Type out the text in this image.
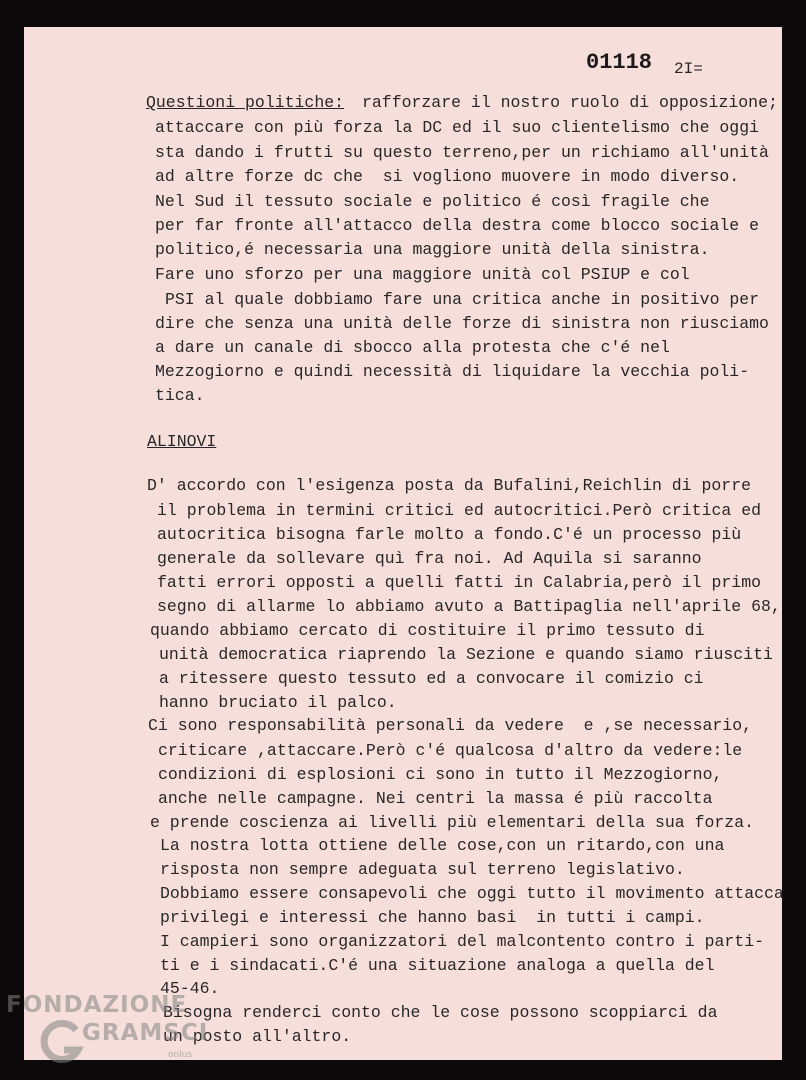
01118 2I=
Questioni politiche: rafforzare il nostro ruolo di opposizione;
attaccare con più forza la DC ed il suo clientelismo che oggi
sta dando i frutti su questo terreno,per un richiamo all'unità
ad altre forze dc che  si vogliono muovere in modo diverso.
Nel Sud il tessuto sociale e politico é così fragile che
per far fronte all'attacco della destra come blocco sociale e
politico,é necessaria una maggiore unità della sinistra.
Fare uno sforzo per una maggiore unità col PSIUP e col
PSI al quale dobbiamo fare una critica anche in positivo per
dire che senza una unità delle forze di sinistra non riusciamo
a dare un canale di sbocco alla protesta che c'é nel
Mezzogiorno e quindi necessità di liquidare la vecchia poli-
tica.
ALINOVI
D' accordo con l'esigenza posta da Bufalini,Reichlin di porre
il problema in termini critici ed autocritici.Però critica ed
autocritica bisogna farle molto a fondo.C'é un processo più
generale da sollevare quì fra noi. Ad Aquila si saranno
fatti errori opposti a quelli fatti in Calabria,però il primo
segno di allarme lo abbiamo avuto a Battipaglia nell'aprile 68,
quando abbiamo cercato di costituire il primo tessuto di
unità democratica riaprendo la Sezione e quando siamo riusciti
a ritessere questo tessuto ed a convocare il comizio ci
hanno bruciato il palco.
Ci sono responsabilità personali da vedere  e ,se necessario,
criticare ,attaccare.Però c'é qualcosa d'altro da vedere:le
condizioni di esplosioni ci sono in tutto il Mezzogiorno,
anche nelle campagne. Nei centri la massa é più raccolta
e prende coscienza ai livelli più elementari della sua forza.
La nostra lotta ottiene delle cose,con un ritardo,con una
risposta non sempre adeguata sul terreno legislativo.
Dobbiamo essere consapevoli che oggi tutto il movimento attacca
privilegi e interessi che hanno basi  in tutti i campi.
I campieri sono organizzatori del malcontento contro i parti-
ti e i sindacati.C'é una situazione analoga a quella del
45-46.
Bisogna renderci conto che le cose possono scoppiarci da
un posto all'altro.
FONDAZIONE
GRAMSCI
onlus
